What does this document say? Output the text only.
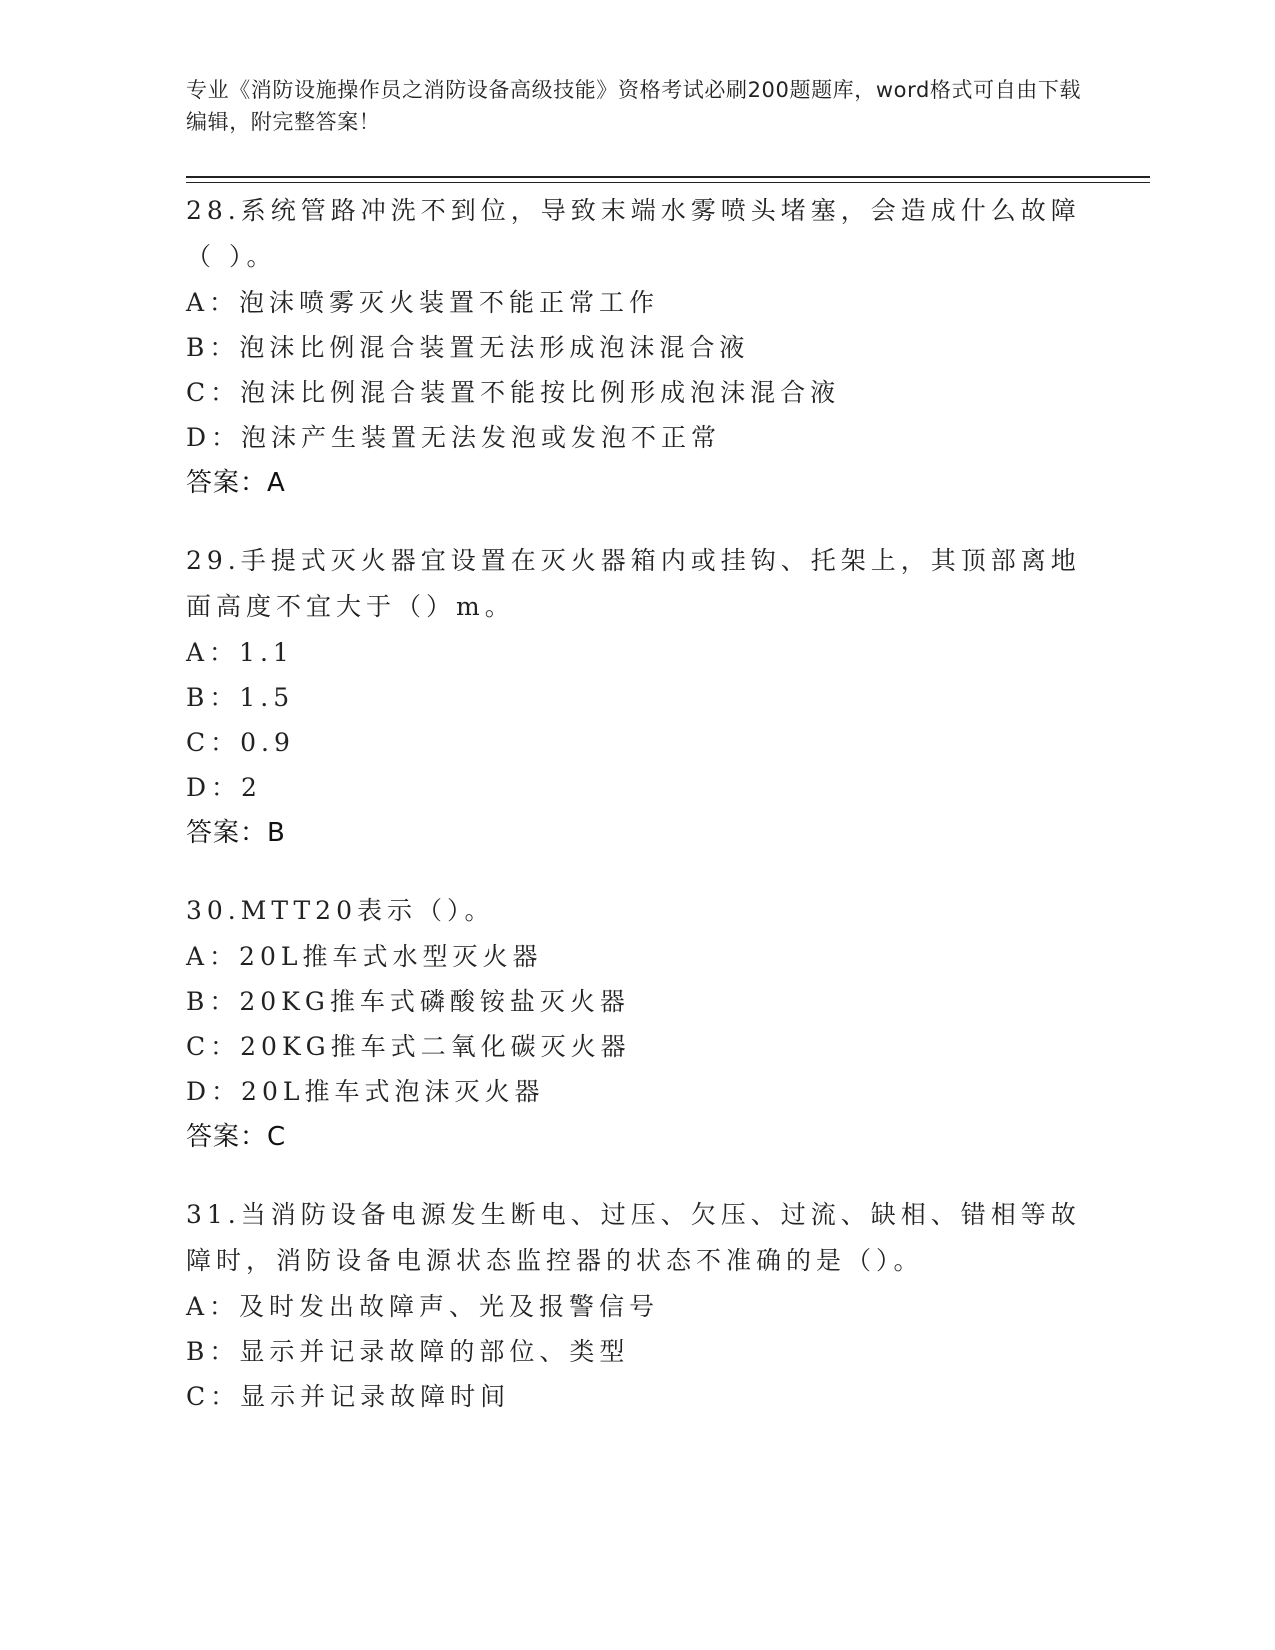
专业《消防设施操作员之消防设备高级技能》资格考试必刷200题题库，word格式可自由下载编辑，附完整答案！

28.系统管路冲洗不到位，导致末端水雾喷头堵塞，会造成什么故障（ ）。

A：泡沫喷雾灭火装置不能正常工作

B：泡沫比例混合装置无法形成泡沫混合液

C：泡沫比例混合装置不能按比例形成泡沫混合液

D：泡沫产生装置无法发泡或发泡不正常

答案：A

29.手提式灭火器宜设置在灭火器箱内或挂钩、托架上，其顶部离地面高度不宜大于（）m。

A：1.1

B：1.5

C：0.9

D：2

答案：B

30.MTT20表示（）。

A：20L推车式水型灭火器

B：20KG推车式磷酸铵盐灭火器

C：20KG推车式二氧化碳灭火器

D：20L推车式泡沫灭火器

答案：C

31.当消防设备电源发生断电、过压、欠压、过流、缺相、错相等故障时，消防设备电源状态监控器的状态不准确的是（）。

A：及时发出故障声、光及报警信号

B：显示并记录故障的部位、类型

C：显示并记录故障时间
